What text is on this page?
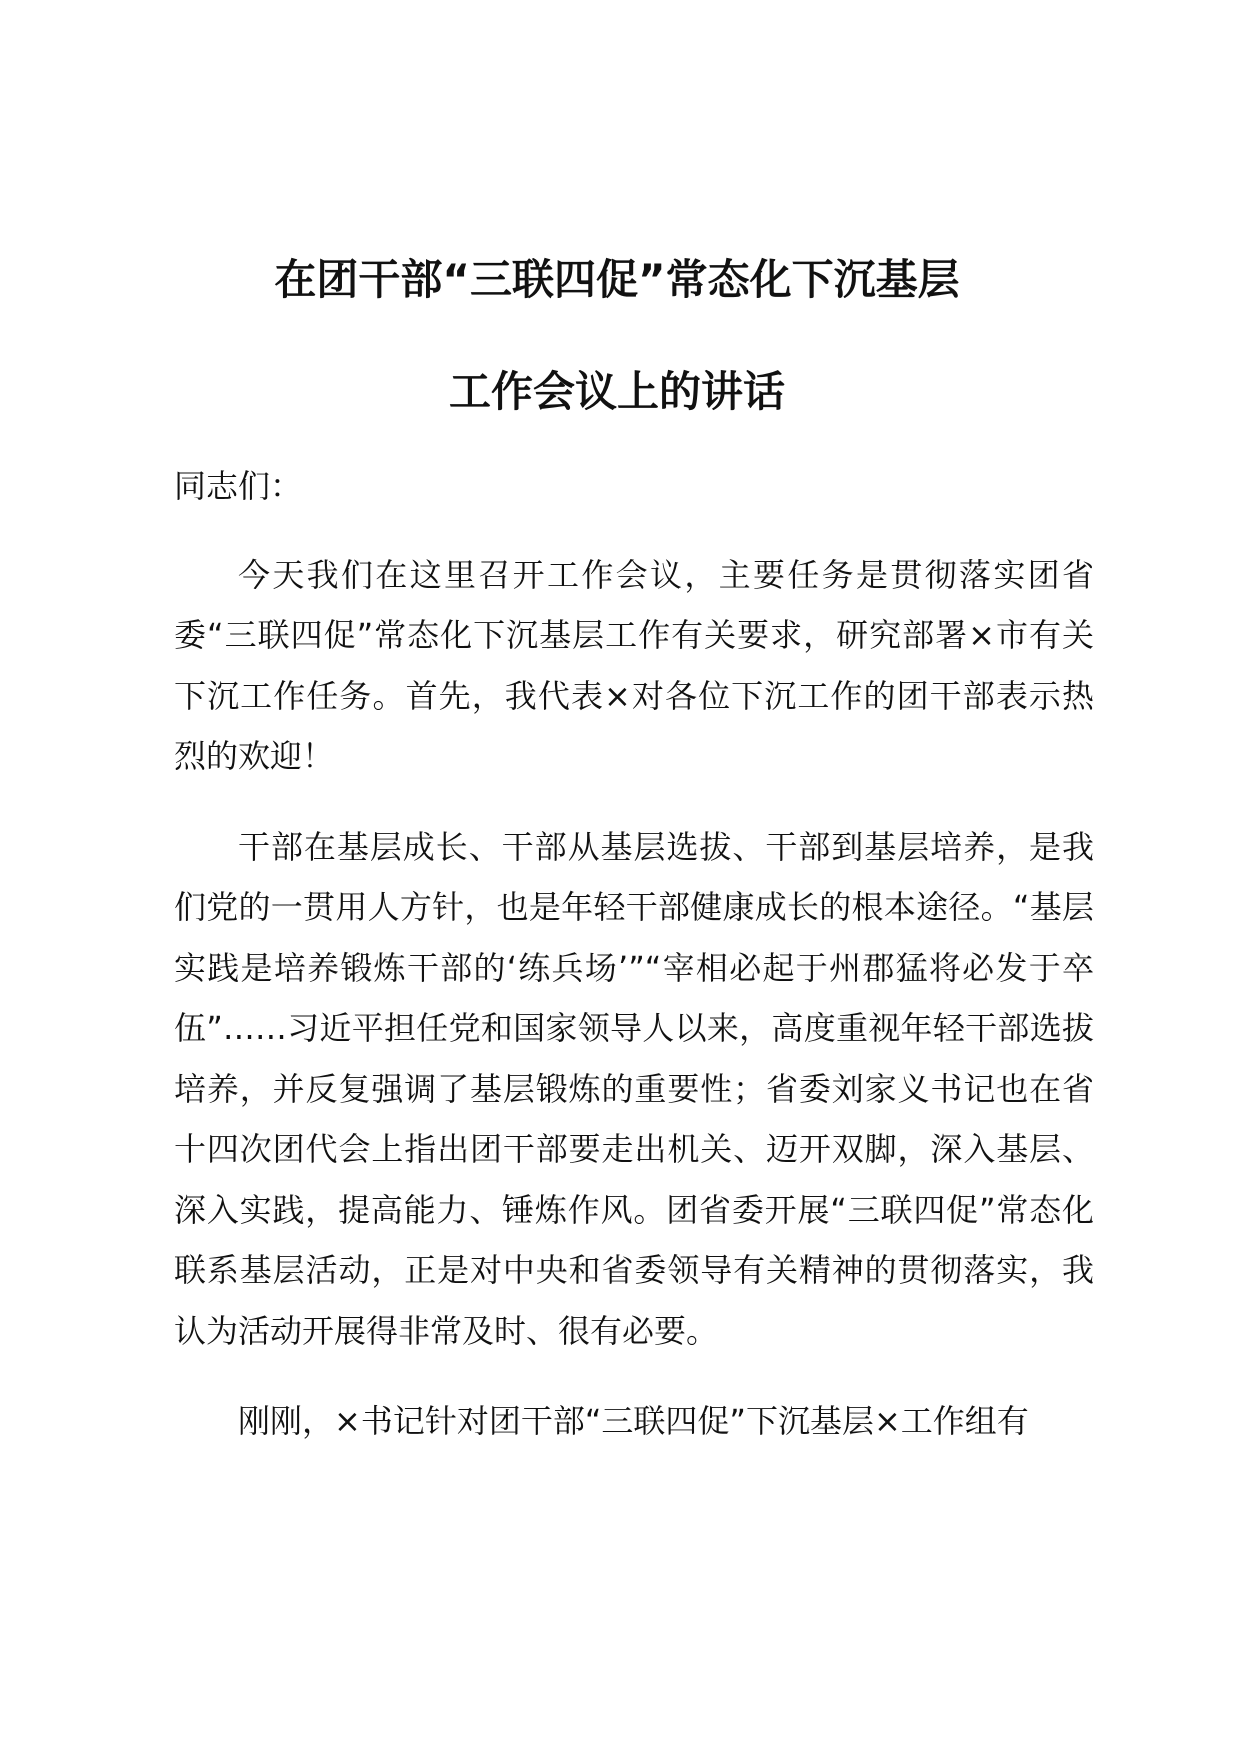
在团干部“三联四促”常态化下沉基层
工作会议上的讲话

同志们：

今天我们在这里召开工作会议，主要任务是贯彻落实团省委“三联四促”常态化下沉基层工作有关要求，研究部署×市有关下沉工作任务。首先，我代表×对各位下沉工作的团干部表示热烈的欢迎！

干部在基层成长、干部从基层选拔、干部到基层培养，是我们党的一贯用人方针，也是年轻干部健康成长的根本途径。“基层实践是培养锻炼干部的‘练兵场’”“宰相必起于州郡猛将必发于卒伍”……习近平担任党和国家领导人以来，高度重视年轻干部选拔培养，并反复强调了基层锻炼的重要性；省委刘家义书记也在省十四次团代会上指出团干部要走出机关、迈开双脚，深入基层、深入实践，提高能力、锤炼作风。团省委开展“三联四促”常态化联系基层活动，正是对中央和省委领导有关精神的贯彻落实，我认为活动开展得非常及时、很有必要。

刚刚，×书记针对团干部“三联四促”下沉基层×工作组有
